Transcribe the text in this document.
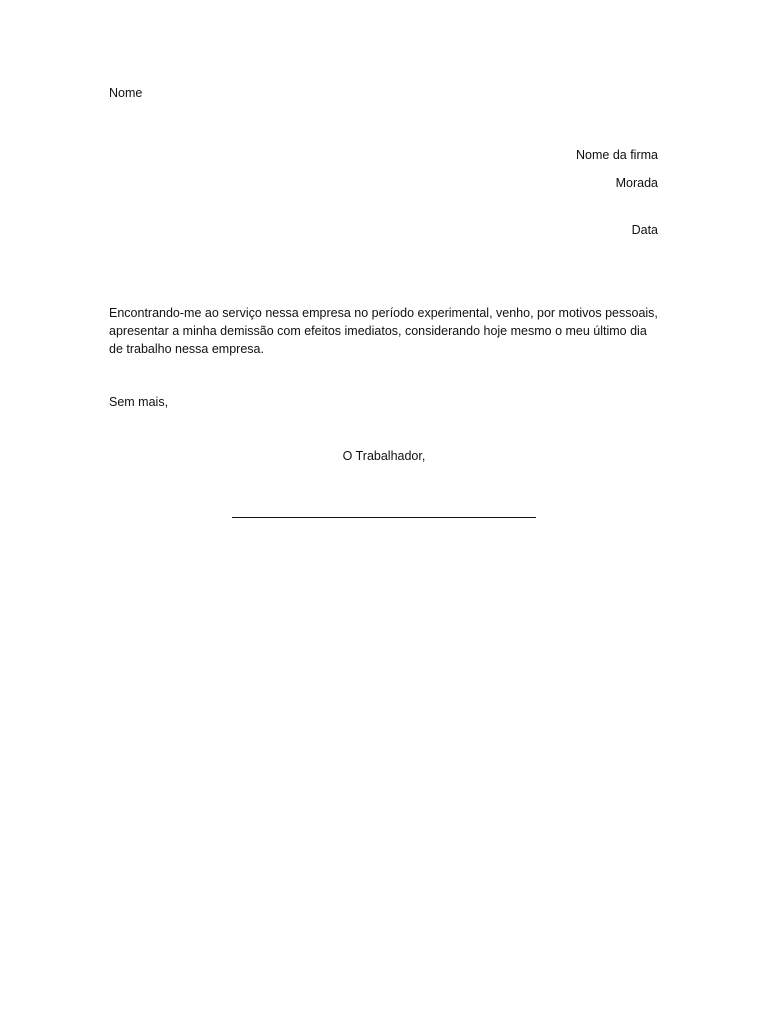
Nome
Nome da firma
Morada
Data
Encontrando-me ao serviço nessa empresa no período experimental, venho, por motivos pessoais, apresentar a minha demissão com efeitos imediatos, considerando hoje mesmo o meu último dia de trabalho nessa empresa.
Sem mais,
O Trabalhador,
